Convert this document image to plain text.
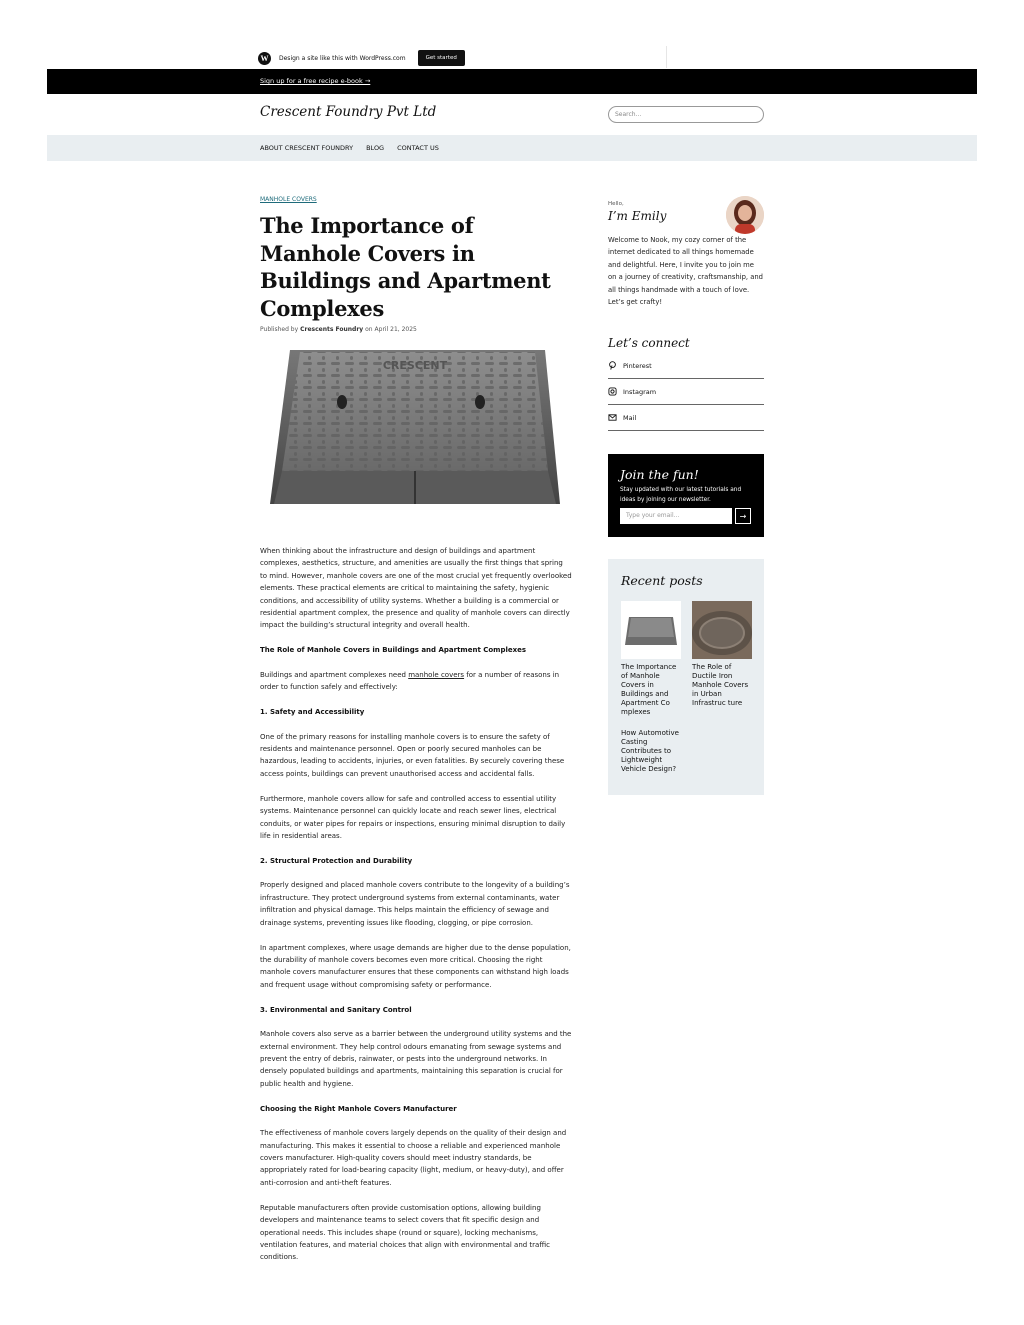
W	Design a site like this with WordPress.com	Get started
Sign up for a free recipe e-book →
Crescent Foundry Pvt Ltd	Search...
ABOUT CRESCENT FOUNDRY BLOG CONTACT US
MANHOLE COVERS
The Importance of Manhole Covers in Buildings and Apartment Complexes
Published by Crescents Foundry on April 21, 2025
CRESCENT

When thinking about the infrastructure and design of buildings and apartment complexes, aesthetics, structure, and amenities are usually the first things that spring to mind. However, manhole covers are one of the most crucial yet frequently overlooked elements. These practical elements are critical to maintaining the safety, hygienic conditions, and accessibility of utility systems. Whether a building is a commercial or residential apartment complex, the presence and quality of manhole covers can directly impact the building’s structural integrity and overall health.

The Role of Manhole Covers in Buildings and Apartment Complexes

Buildings and apartment complexes need manhole covers for a number of reasons in order to function safely and effectively:

1. Safety and Accessibility

One of the primary reasons for installing manhole covers is to ensure the safety of residents and maintenance personnel. Open or poorly secured manholes can be hazardous, leading to accidents, injuries, or even fatalities. By securely covering these access points, buildings can prevent unauthorised access and accidental falls.

Furthermore, manhole covers allow for safe and controlled access to essential utility systems. Maintenance personnel can quickly locate and reach sewer lines, electrical conduits, or water pipes for repairs or inspections, ensuring minimal disruption to daily life in residential areas.

2. Structural Protection and Durability

Properly designed and placed manhole covers contribute to the longevity of a building’s infrastructure. They protect underground systems from external contaminants, water infiltration and physical damage. This helps maintain the efficiency of sewage and drainage systems, preventing issues like flooding, clogging, or pipe corrosion.

In apartment complexes, where usage demands are higher due to the dense population, the durability of manhole covers becomes even more critical. Choosing the right manhole covers manufacturer ensures that these components can withstand high loads and frequent usage without compromising safety or performance.

3. Environmental and Sanitary Control

Manhole covers also serve as a barrier between the underground utility systems and the external environment. They help control odours emanating from sewage systems and prevent the entry of debris, rainwater, or pests into the underground networks. In densely populated buildings and apartments, maintaining this separation is crucial for public health and hygiene.

Choosing the Right Manhole Covers Manufacturer

The effectiveness of manhole covers largely depends on the quality of their design and manufacturing. This makes it essential to choose a reliable and experienced manhole covers manufacturer. High-quality covers should meet industry standards, be appropriately rated for load-bearing capacity (light, medium, or heavy-duty), and offer anti-corrosion and anti-theft features.

Reputable manufacturers often provide customisation options, allowing building developers and maintenance teams to select covers that fit specific design and operational needs. This includes shape (round or square), locking mechanisms, ventilation features, and material choices that align with environmental and traffic conditions.

Hello,
I’m Emily
Welcome to Nook, my cozy corner of the internet dedicated to all things homemade and delightful. Here, I invite you to join me on a journey of creativity, craftsmanship, and all things handmade with a touch of love. Let’s get crafty!
Let’s connect
Pinterest
Instagram
Mail
Join the fun!
Stay updated with our latest tutorials and ideas by joining our newsletter.
Type your email...	→
Recent posts
The Importance of Manhole Covers in Buildings and Apartment Co mplexes
The Role of Ductile Iron Manhole Covers in Urban Infrastruc ture
How Automotive Casting Contributes to Lightweight Vehicle Design?
